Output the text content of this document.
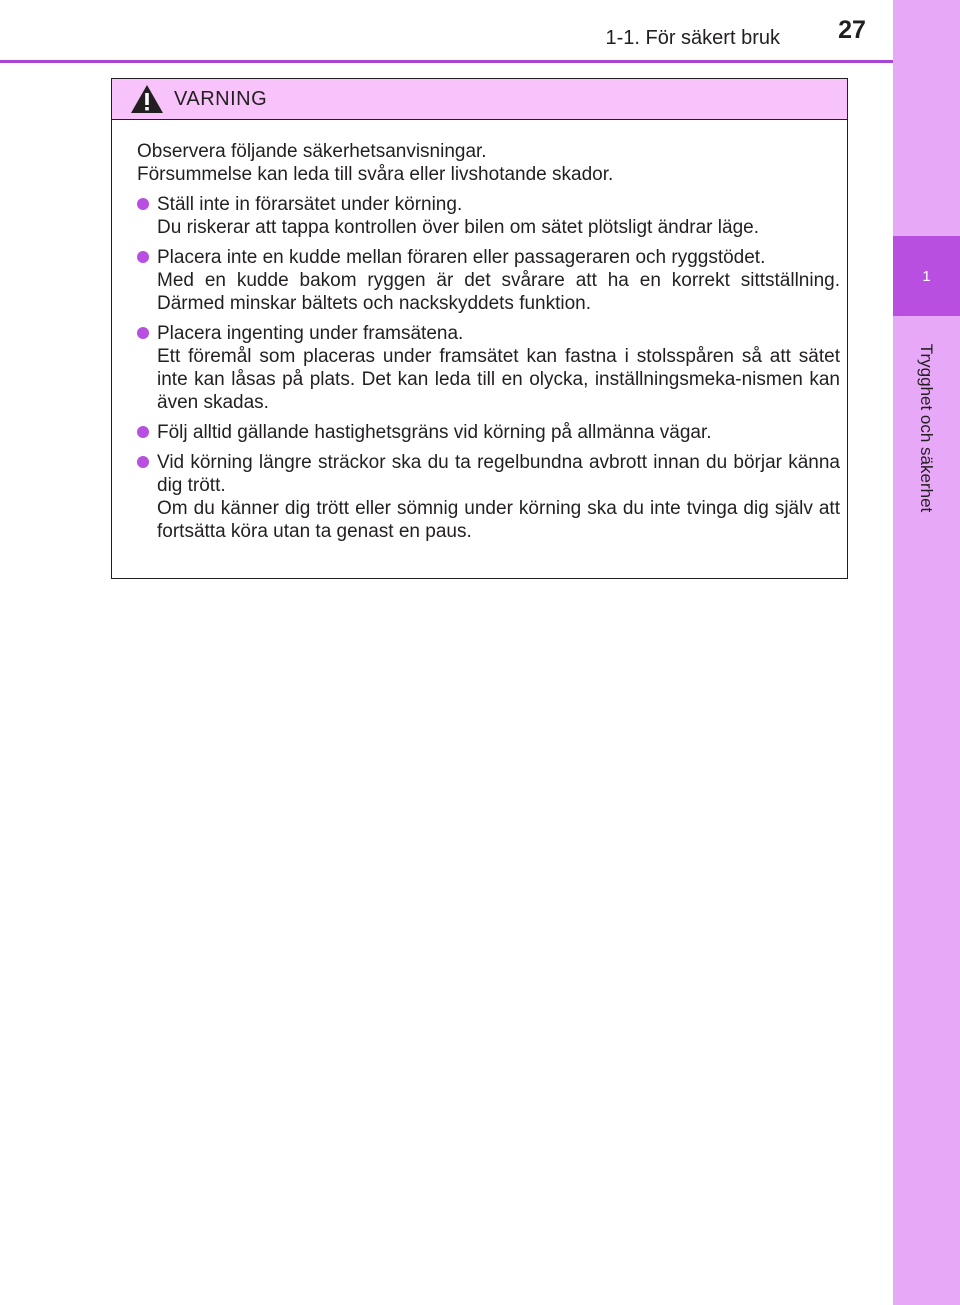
1
Trygghet och säkerhet
1-1. För säkert bruk	27
VARNING

Observera följande säkerhetsanvisningar.

Försummelse kan leda till svåra eller livshotande skador.

Ställ inte in förarsätet under körning.

Du riskerar att tappa kontrollen över bilen om sätet plötsligt ändrar läge.

Placera inte en kudde mellan föraren eller passageraren och ryggstödet.

Med en kudde bakom ryggen är det svårare att ha en korrekt sittställning. Därmed minskar bältets och nackskyddets funktion.

Placera ingenting under framsätena.

Ett föremål som placeras under framsätet kan fastna i stolsspåren så att sätet inte kan låsas på plats. Det kan leda till en olycka, inställningsmeka-nismen kan även skadas.

Följ alltid gällande hastighetsgräns vid körning på allmänna vägar.

Vid körning längre sträckor ska du ta regelbundna avbrott innan du börjar känna dig trött.

Om du känner dig trött eller sömnig under körning ska du inte tvinga dig själv att fortsätta köra utan ta genast en paus.
